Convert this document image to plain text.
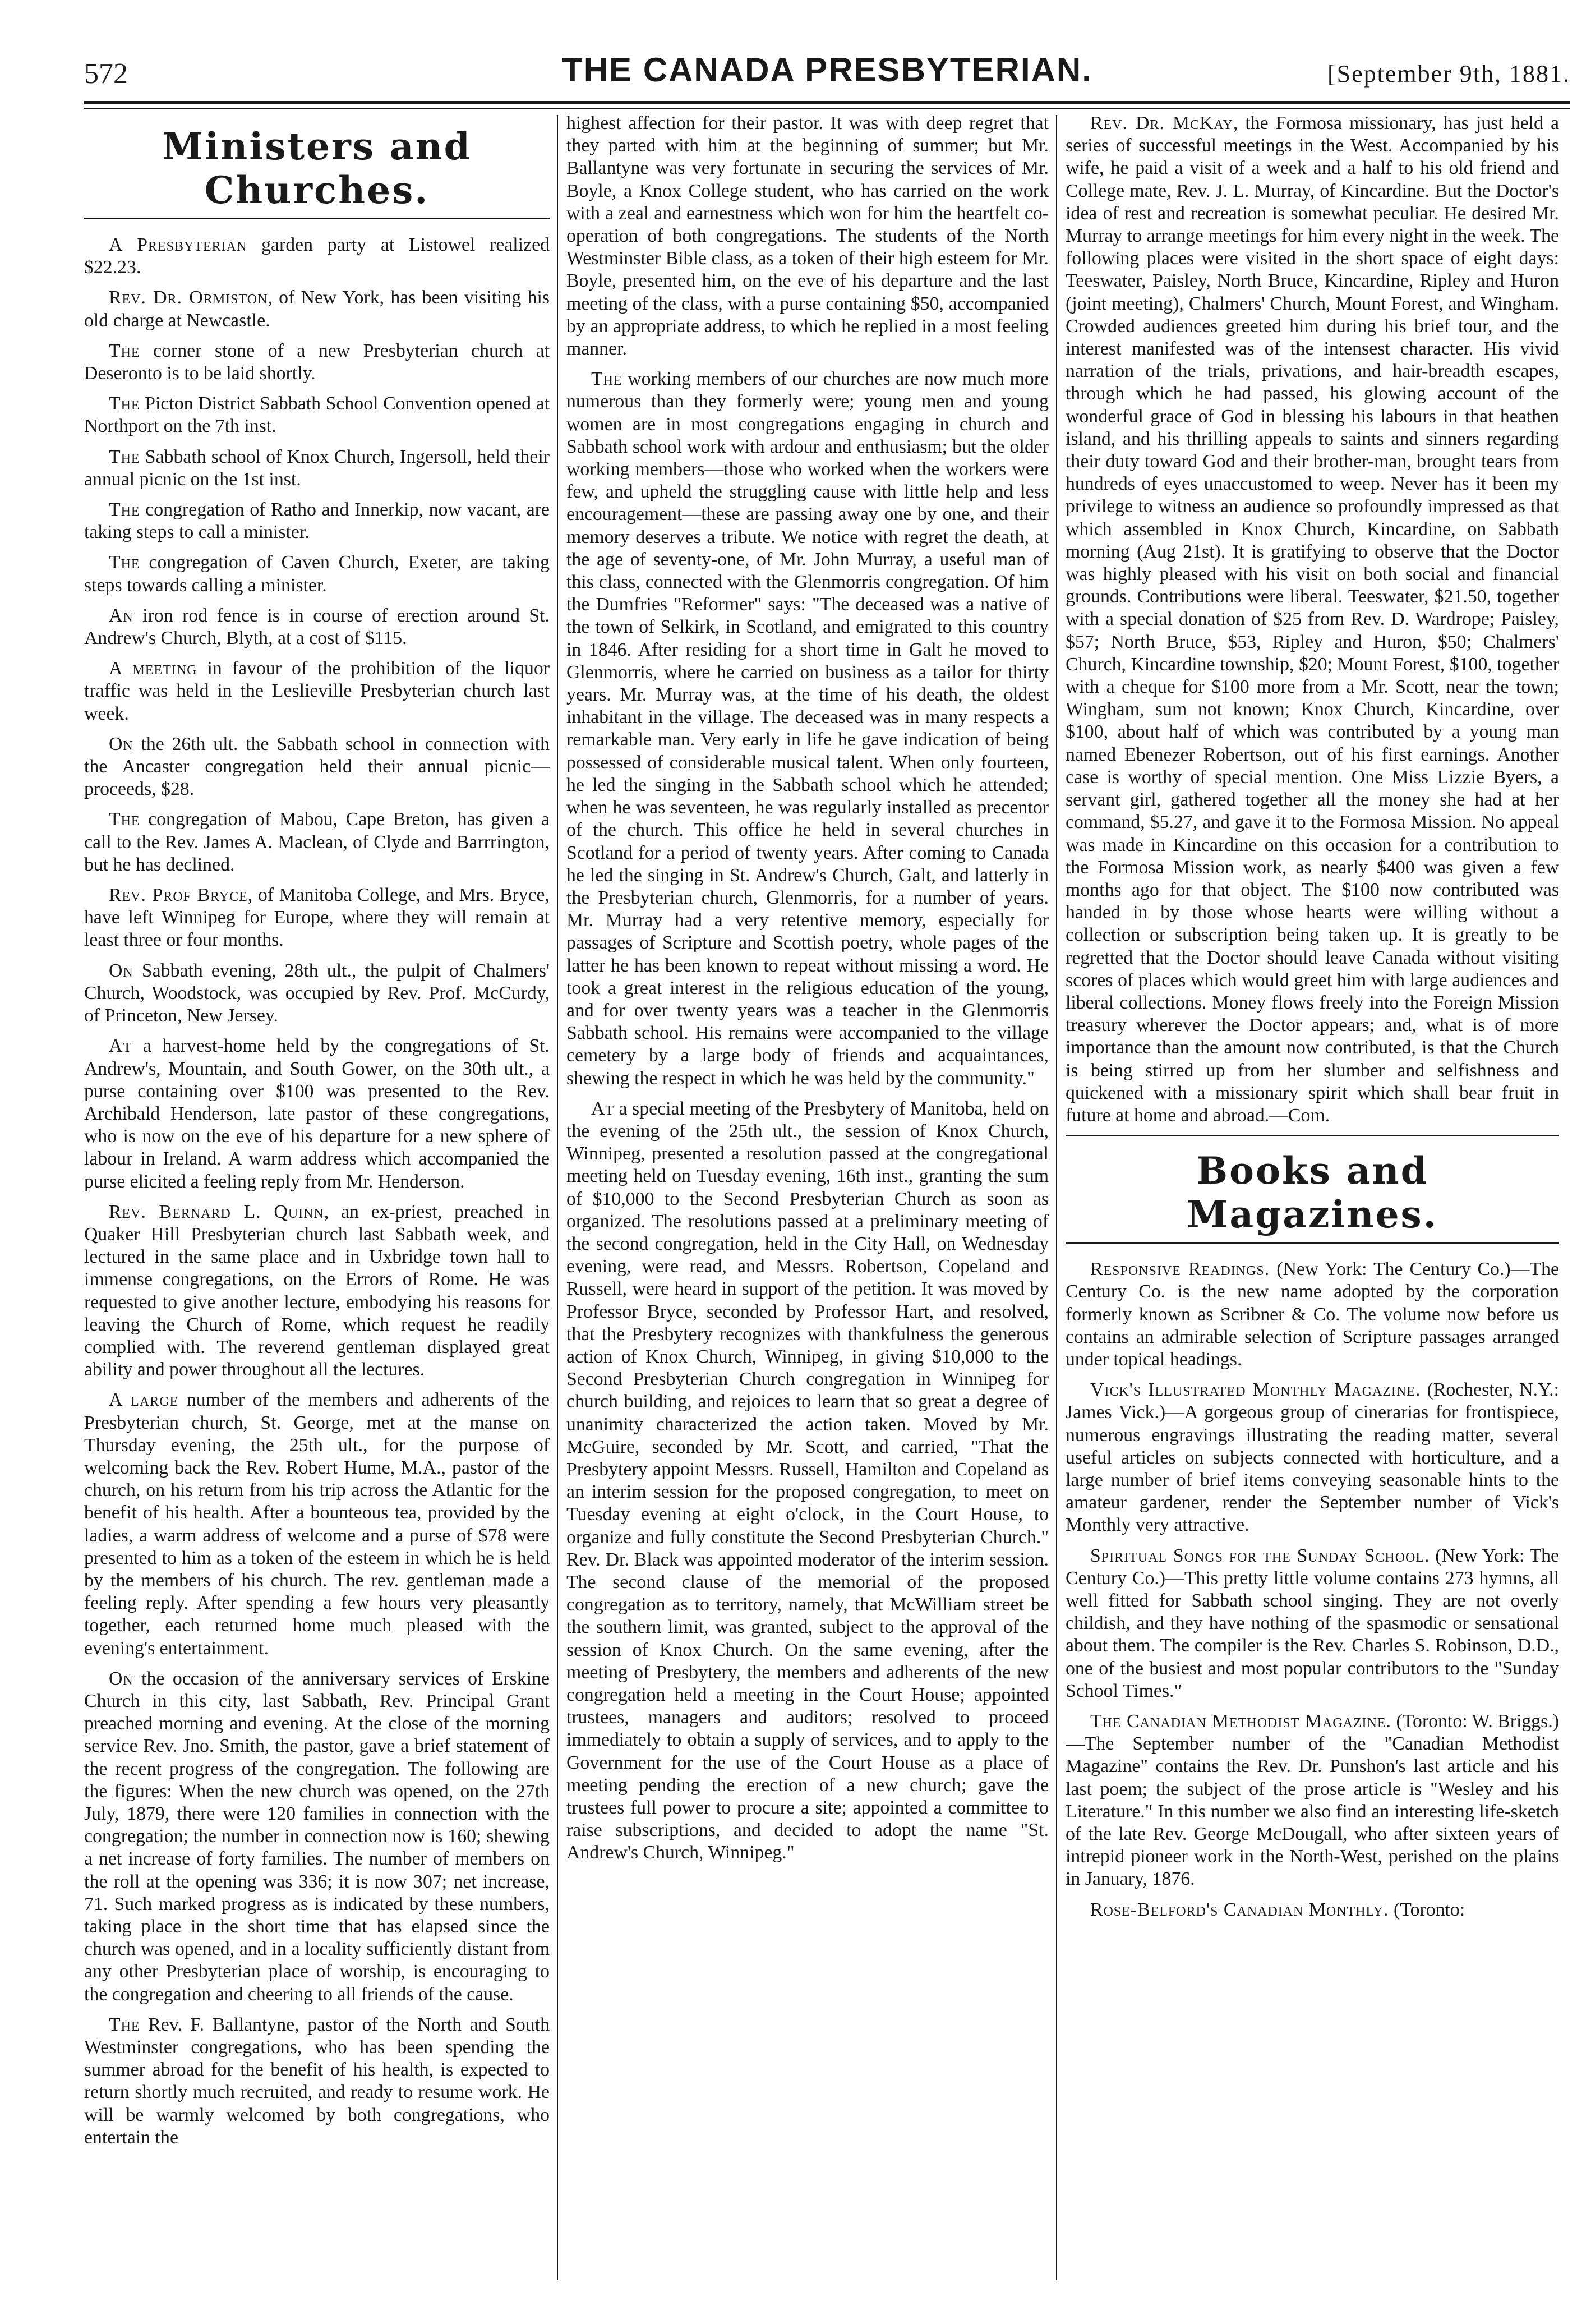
572	THE CANADA PRESBYTERIAN.	[September 9th, 1881.
Ministers and Churches.

A Presbyterian garden party at Listowel realized $22.23.

Rev. Dr. Ormiston, of New York, has been visiting his old charge at Newcastle.

The corner stone of a new Presbyterian church at Deseronto is to be laid shortly.

The Picton District Sabbath School Convention opened at Northport on the 7th inst.

The Sabbath school of Knox Church, Ingersoll, held their annual picnic on the 1st inst.

The congregation of Ratho and Innerkip, now vacant, are taking steps to call a minister.

The congregation of Caven Church, Exeter, are taking steps towards calling a minister.

An iron rod fence is in course of erection around St. Andrew's Church, Blyth, at a cost of $115.

A meeting in favour of the prohibition of the liquor traffic was held in the Leslieville Presbyterian church last week.

On the 26th ult. the Sabbath school in connection with the Ancaster congregation held their annual picnic—proceeds, $28.

The congregation of Mabou, Cape Breton, has given a call to the Rev. James A. Maclean, of Clyde and Barrrington, but he has declined.

Rev. Prof Bryce, of Manitoba College, and Mrs. Bryce, have left Winnipeg for Europe, where they will remain at least three or four months.

On Sabbath evening, 28th ult., the pulpit of Chalmers' Church, Woodstock, was occupied by Rev. Prof. McCurdy, of Princeton, New Jersey.

At a harvest-home held by the congregations of St. Andrew's, Mountain, and South Gower, on the 30th ult., a purse containing over $100 was presented to the Rev. Archibald Henderson, late pastor of these congregations, who is now on the eve of his departure for a new sphere of labour in Ireland. A warm address which accompanied the purse elicited a feeling reply from Mr. Henderson.

Rev. Bernard L. Quinn, an ex-priest, preached in Quaker Hill Presbyterian church last Sabbath week, and lectured in the same place and in Uxbridge town hall to immense congregations, on the Errors of Rome. He was requested to give another lecture, embodying his reasons for leaving the Church of Rome, which request he readily complied with. The reverend gentleman displayed great ability and power throughout all the lectures.

A large number of the members and adherents of the Presbyterian church, St. George, met at the manse on Thursday evening, the 25th ult., for the purpose of welcoming back the Rev. Robert Hume, M.A., pastor of the church, on his return from his trip across the Atlantic for the benefit of his health. After a bounteous tea, provided by the ladies, a warm address of welcome and a purse of $78 were presented to him as a token of the esteem in which he is held by the members of his church. The rev. gentleman made a feeling reply. After spending a few hours very pleasantly together, each returned home much pleased with the evening's entertainment.

On the occasion of the anniversary services of Erskine Church in this city, last Sabbath, Rev. Principal Grant preached morning and evening. At the close of the morning service Rev. Jno. Smith, the pastor, gave a brief statement of the recent progress of the congregation. The following are the figures: When the new church was opened, on the 27th July, 1879, there were 120 families in connection with the congregation; the number in connection now is 160; shewing a net increase of forty families. The number of members on the roll at the opening was 336; it is now 307; net increase, 71. Such marked progress as is indicated by these numbers, taking place in the short time that has elapsed since the church was opened, and in a locality sufficiently distant from any other Presbyterian place of worship, is encouraging to the congregation and cheering to all friends of the cause.

The Rev. F. Ballantyne, pastor of the North and South Westminster congregations, who has been spending the summer abroad for the benefit of his health, is expected to return shortly much recruited, and ready to resume work. He will be warmly welcomed by both congregations, who entertain the

highest affection for their pastor. It was with deep regret that they parted with him at the beginning of summer; but Mr. Ballantyne was very fortunate in securing the services of Mr. Boyle, a Knox College student, who has carried on the work with a zeal and earnestness which won for him the heartfelt co-operation of both congregations. The students of the North Westminster Bible class, as a token of their high esteem for Mr. Boyle, presented him, on the eve of his departure and the last meeting of the class, with a purse containing $50, accompanied by an appropriate address, to which he replied in a most feeling manner.

The working members of our churches are now much more numerous than they formerly were; young men and young women are in most congregations engaging in church and Sabbath school work with ardour and enthusiasm; but the older working members—those who worked when the workers were few, and upheld the struggling cause with little help and less encouragement—these are passing away one by one, and their memory deserves a tribute. We notice with regret the death, at the age of seventy-one, of Mr. John Murray, a useful man of this class, connected with the Glenmorris congregation. Of him the Dumfries "Reformer" says: "The deceased was a native of the town of Selkirk, in Scotland, and emigrated to this country in 1846. After residing for a short time in Galt he moved to Glenmorris, where he carried on business as a tailor for thirty years. Mr. Murray was, at the time of his death, the oldest inhabitant in the village. The deceased was in many respects a remarkable man. Very early in life he gave indication of being possessed of considerable musical talent. When only fourteen, he led the singing in the Sabbath school which he attended; when he was seventeen, he was regularly installed as precentor of the church. This office he held in several churches in Scotland for a period of twenty years. After coming to Canada he led the singing in St. Andrew's Church, Galt, and latterly in the Presbyterian church, Glenmorris, for a number of years. Mr. Murray had a very retentive memory, especially for passages of Scripture and Scottish poetry, whole pages of the latter he has been known to repeat without missing a word. He took a great interest in the religious education of the young, and for over twenty years was a teacher in the Glenmorris Sabbath school. His remains were accompanied to the village cemetery by a large body of friends and acquaintances, shewing the respect in which he was held by the community."

At a special meeting of the Presbytery of Manitoba, held on the evening of the 25th ult., the session of Knox Church, Winnipeg, presented a resolution passed at the congregational meeting held on Tuesday evening, 16th inst., granting the sum of $10,000 to the Second Presbyterian Church as soon as organized. The resolutions passed at a preliminary meeting of the second congregation, held in the City Hall, on Wednesday evening, were read, and Messrs. Robertson, Copeland and Russell, were heard in support of the petition. It was moved by Professor Bryce, seconded by Professor Hart, and resolved, that the Presbytery recognizes with thankfulness the generous action of Knox Church, Winnipeg, in giving $10,000 to the Second Presbyterian Church congregation in Winnipeg for church building, and rejoices to learn that so great a degree of unanimity characterized the action taken. Moved by Mr. McGuire, seconded by Mr. Scott, and carried, "That the Presbytery appoint Messrs. Russell, Hamilton and Copeland as an interim session for the proposed congregation, to meet on Tuesday evening at eight o'clock, in the Court House, to organize and fully constitute the Second Presbyterian Church." Rev. Dr. Black was appointed moderator of the interim session. The second clause of the memorial of the proposed congregation as to territory, namely, that McWilliam street be the southern limit, was granted, subject to the approval of the session of Knox Church. On the same evening, after the meeting of Presbytery, the members and adherents of the new congregation held a meeting in the Court House; appointed trustees, managers and auditors; resolved to proceed immediately to obtain a supply of services, and to apply to the Government for the use of the Court House as a place of meeting pending the erection of a new church; gave the trustees full power to procure a site; appointed a committee to raise subscriptions, and decided to adopt the name "St. Andrew's Church, Winnipeg."

Rev. Dr. McKay, the Formosa missionary, has just held a series of successful meetings in the West. Accompanied by his wife, he paid a visit of a week and a half to his old friend and College mate, Rev. J. L. Murray, of Kincardine. But the Doctor's idea of rest and recreation is somewhat peculiar. He desired Mr. Murray to arrange meetings for him every night in the week. The following places were visited in the short space of eight days: Teeswater, Paisley, North Bruce, Kincardine, Ripley and Huron (joint meeting), Chalmers' Church, Mount Forest, and Wingham. Crowded audiences greeted him during his brief tour, and the interest manifested was of the intensest character. His vivid narration of the trials, privations, and hair-breadth escapes, through which he had passed, his glowing account of the wonderful grace of God in blessing his labours in that heathen island, and his thrilling appeals to saints and sinners regarding their duty toward God and their brother-man, brought tears from hundreds of eyes unaccustomed to weep. Never has it been my privilege to witness an audience so profoundly impressed as that which assembled in Knox Church, Kincardine, on Sabbath morning (Aug 21st). It is gratifying to observe that the Doctor was highly pleased with his visit on both social and financial grounds. Contributions were liberal. Teeswater, $21.50, together with a special donation of $25 from Rev. D. Wardrope; Paisley, $57; North Bruce, $53, Ripley and Huron, $50; Chalmers' Church, Kincardine township, $20; Mount Forest, $100, together with a cheque for $100 more from a Mr. Scott, near the town; Wingham, sum not known; Knox Church, Kincardine, over $100, about half of which was contributed by a young man named Ebenezer Robertson, out of his first earnings. Another case is worthy of special mention. One Miss Lizzie Byers, a servant girl, gathered together all the money she had at her command, $5.27, and gave it to the Formosa Mission. No appeal was made in Kincardine on this occasion for a contribution to the Formosa Mission work, as nearly $400 was given a few months ago for that object. The $100 now contributed was handed in by those whose hearts were willing without a collection or subscription being taken up. It is greatly to be regretted that the Doctor should leave Canada without visiting scores of places which would greet him with large audiences and liberal collections. Money flows freely into the Foreign Mission treasury wherever the Doctor appears; and, what is of more importance than the amount now contributed, is that the Church is being stirred up from her slumber and selfishness and quickened with a missionary spirit which shall bear fruit in future at home and abroad.—Com.

Books and Magazines.

Responsive Readings. (New York: The Century Co.)—The Century Co. is the new name adopted by the corporation formerly known as Scribner & Co. The volume now before us contains an admirable selection of Scripture passages arranged under topical headings.

Vick's Illustrated Monthly Magazine. (Rochester, N.Y.: James Vick.)—A gorgeous group of cinerarias for frontispiece, numerous engravings illustrating the reading matter, several useful articles on subjects connected with horticulture, and a large number of brief items conveying seasonable hints to the amateur gardener, render the September number of Vick's Monthly very attractive.

Spiritual Songs for the Sunday School. (New York: The Century Co.)—This pretty little volume contains 273 hymns, all well fitted for Sabbath school singing. They are not overly childish, and they have nothing of the spasmodic or sensational about them. The compiler is the Rev. Charles S. Robinson, D.D., one of the busiest and most popular contributors to the "Sunday School Times."

The Canadian Methodist Magazine. (Toronto: W. Briggs.)—The September number of the "Canadian Methodist Magazine" contains the Rev. Dr. Punshon's last article and his last poem; the subject of the prose article is "Wesley and his Literature." In this number we also find an interesting life-sketch of the late Rev. George McDougall, who after sixteen years of intrepid pioneer work in the North-West, perished on the plains in January, 1876.

Rose-Belford's Canadian Monthly. (Toronto:
